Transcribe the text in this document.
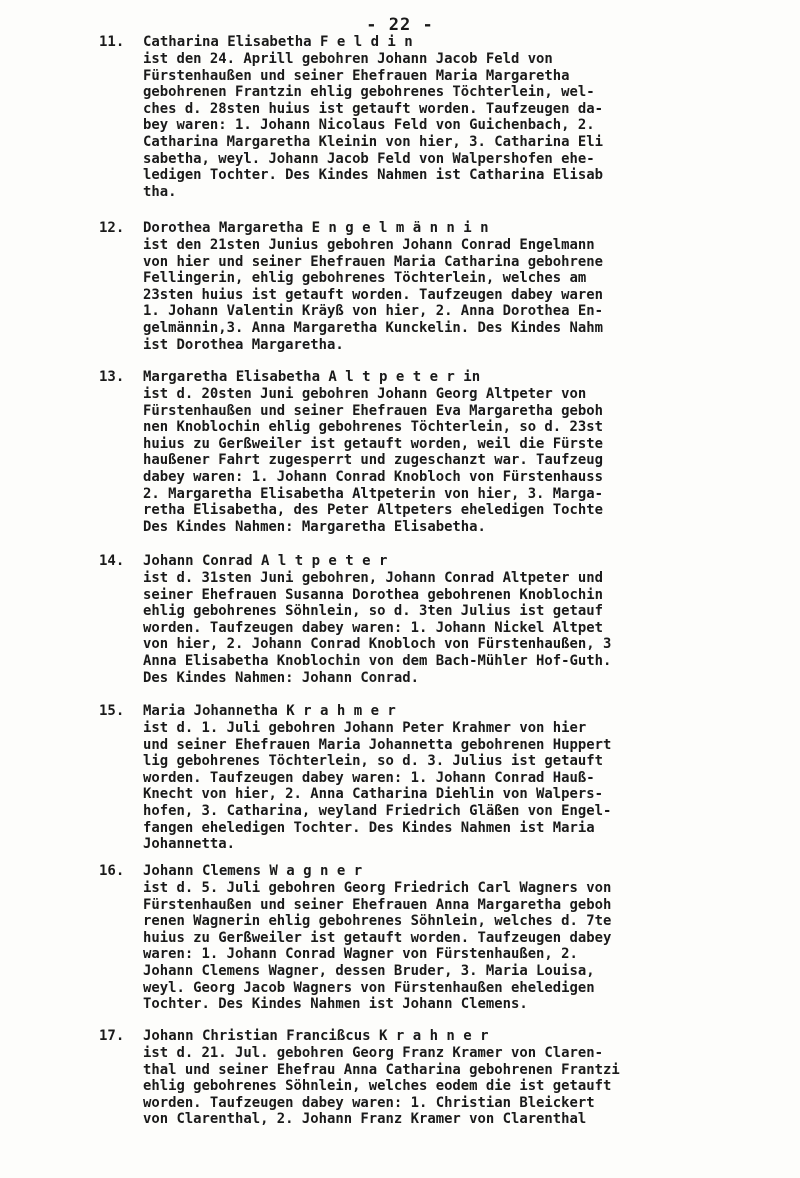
- 22 -
11. Catharina Elisabetha F e l d i n
ist den 24. Aprill gebohren Johann Jacob Feld von
Fürstenhaußen und seiner Ehefrauen Maria Margaretha
gebohrenen Frantzin ehlig gebohrenes Töchterlein, wel-
ches d. 28sten huius ist getauft worden. Taufzeugen da-
bey waren: 1. Johann Nicolaus Feld von Guichenbach, 2.
Catharina Margaretha Kleinin von hier, 3. Catharina Eli
sabetha, weyl. Johann Jacob Feld von Walpershofen ehe-
ledigen Tochter. Des Kindes Nahmen ist Catharina Elisab
tha.
12. Dorothea Margaretha E n g e l m ä n n i n
ist den 21sten Junius gebohren Johann Conrad Engelmann
von hier und seiner Ehefrauen Maria Catharina gebohrene
Fellingerin, ehlig gebohrenes Töchterlein, welches am
23sten huius ist getauft worden. Taufzeugen dabey waren
1. Johann Valentin Kräyß von hier, 2. Anna Dorothea En-
gelmännin,3. Anna Margaretha Kunckelin. Des Kindes Nahm
ist Dorothea Margaretha.
13. Margaretha Elisabetha A l t p e t e r in
ist d. 20sten Juni gebohren Johann Georg Altpeter von
Fürstenhaußen und seiner Ehefrauen Eva Margaretha geboh
nen Knoblochin ehlig gebohrenes Töchterlein, so d. 23st
huius zu Gerßweiler ist getauft worden, weil die Fürste
haußener Fahrt zugesperrt und zugeschanzt war. Taufzeug
dabey waren: 1. Johann Conrad Knobloch von Fürstenhauss
2. Margaretha Elisabetha Altpeterin von hier, 3. Marga-
retha Elisabetha, des Peter Altpeters eheledigen Tochte
Des Kindes Nahmen: Margaretha Elisabetha.
14. Johann Conrad A l t p e t e r
ist d. 31sten Juni gebohren, Johann Conrad Altpeter und
seiner Ehefrauen Susanna Dorothea gebohrenen Knoblochin
ehlig gebohrenes Söhnlein, so d. 3ten Julius ist getauf
worden. Taufzeugen dabey waren: 1. Johann Nickel Altpet
von hier, 2. Johann Conrad Knobloch von Fürstenhaußen, 3
Anna Elisabetha Knoblochin von dem Bach-Mühler Hof-Guth.
Des Kindes Nahmen: Johann Conrad.
15. Maria Johannetha K r a h m e r
ist d. 1. Juli gebohren Johann Peter Krahmer von hier
und seiner Ehefrauen Maria Johannetta gebohrenen Huppert
lig gebohrenes Töchterlein, so d. 3. Julius ist getauft
worden. Taufzeugen dabey waren: 1. Johann Conrad Hauß-
Knecht von hier, 2. Anna Catharina Diehlin von Walpers-
hofen, 3. Catharina, weyland Friedrich Gläßen von Engel-
fangen eheledigen Tochter. Des Kindes Nahmen ist Maria
Johannetta.
16. Johann Clemens W a g n e r
ist d. 5. Juli gebohren Georg Friedrich Carl Wagners von
Fürstenhaußen und seiner Ehefrauen Anna Margaretha geboh
renen Wagnerin ehlig gebohrenes Söhnlein, welches d. 7te
huius zu Gerßweiler ist getauft worden. Taufzeugen dabey
waren: 1. Johann Conrad Wagner von Fürstenhaußen, 2.
Johann Clemens Wagner, dessen Bruder, 3. Maria Louisa,
weyl. Georg Jacob Wagners von Fürstenhaußen eheledigen
Tochter. Des Kindes Nahmen ist Johann Clemens.
17. Johann Christian Francißcus K r a h n e r
ist d. 21. Jul. gebohren Georg Franz Kramer von Claren-
thal und seiner Ehefrau Anna Catharina gebohrenen Frantzi
ehlig gebohrenes Söhnlein, welches eodem die ist getauft
worden. Taufzeugen dabey waren: 1. Christian Bleickert
von Clarenthal, 2. Johann Franz Kramer von Clarenthal
